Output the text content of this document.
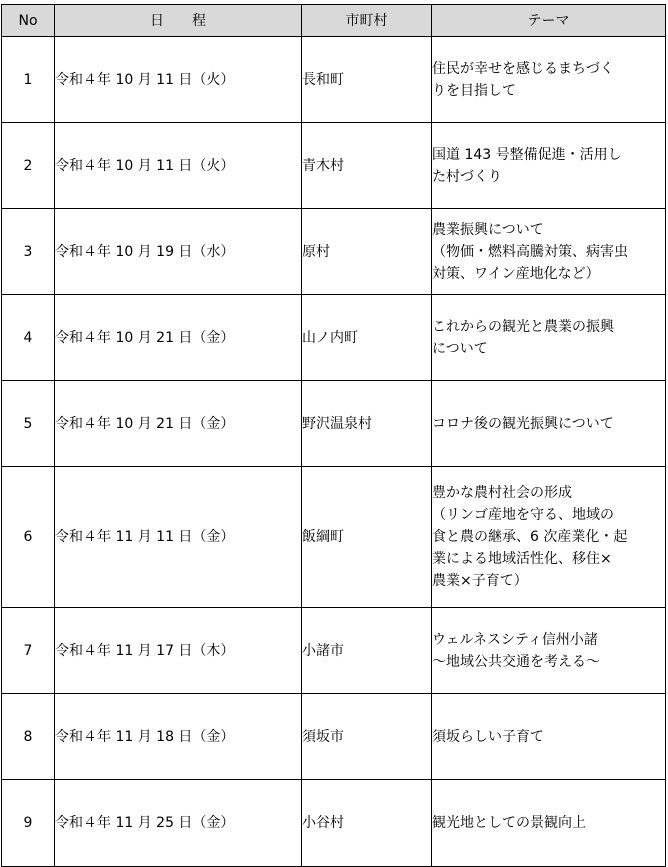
No	日　　程	市町村	テーマ
1	令和４年 10 月 11 日（火）	長和町	住民が幸せを感じるまちづく
りを目指して
2	令和４年 10 月 11 日（火）	青木村	国道 143 号整備促進・活用し
た村づくり
3	令和４年 10 月 19 日（水）	原村	農業振興について
（物価・燃料高騰対策、病害虫
対策、ワイン産地化など）
4	令和４年 10 月 21 日（金）	山ノ内町	これからの観光と農業の振興
について
5	令和４年 10 月 21 日（金）	野沢温泉村	コロナ後の観光振興について
6	令和４年 11 月 11 日（金）	飯綱町	豊かな農村社会の形成
（リンゴ産地を守る、地域の
食と農の継承、6 次産業化・起
業による地域活性化、移住×
農業×子育て）
7	令和４年 11 月 17 日（木）	小諸市	ウェルネスシティ信州小諸
～地域公共交通を考える～
8	令和４年 11 月 18 日（金）	須坂市	須坂らしい子育て
9	令和４年 11 月 25 日（金）	小谷村	観光地としての景観向上
